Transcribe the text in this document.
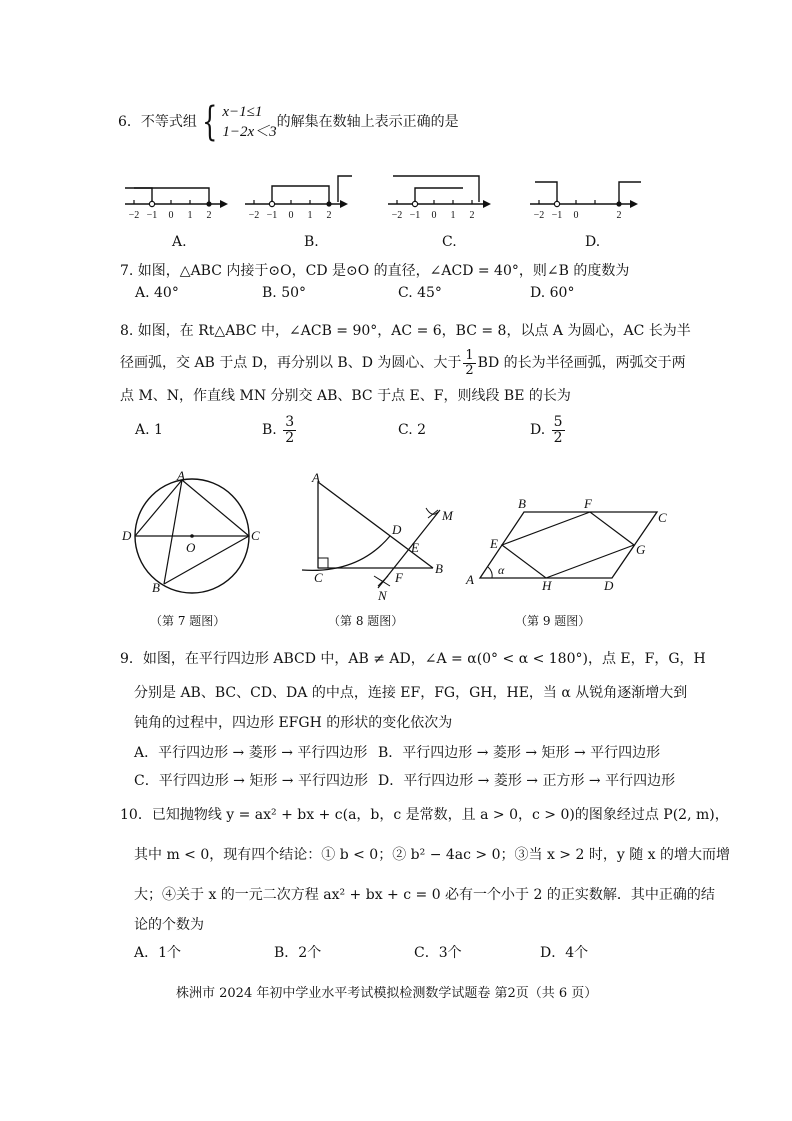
6．不等式组 { x−1≤1
1−2x＜3
的解集在数轴上表示正确的是
−2 −1 0 1 2	−2 −1 0 1 2	−2 −1 0 1 2	−2 −1 0	2
A.	B.	C.	D.
7. 如图，△ABC 内接于⊙O，CD 是⊙O 的直径，∠ACD = 40°，则∠B 的度数为
A. 40°	B. 50°	C. 45°	D. 60°
8. 如图，在 Rt△ABC 中，∠ACB = 90°，AC = 6，BC = 8，以点 A 为圆心，AC 长为半
径画弧，交 AB 于点 D，再分别以 B、D 为圆心、大于 $\frac{1}{2}$ BD 的长为半径画弧，两弧交于两
点 M、N，作直线 MN 分别交 AB、BC 于点 E、F，则线段 BE 的长为
A. 1	B. $\frac{3}{2}$	C. 2	D. $\frac{5}{2}$
A
D	C
B
O
A
C
B
D
E
F
M
N
A
B
C
D
E
F
G
H
α
（第 7 题图）	（第 8 题图）	（第 9 题图）
9．如图，在平行四边形 ABCD 中，AB ≠ AD，∠A = α(0° < α < 180°)，点 E，F，G，H
分别是 AB、BC、CD、DA 的中点，连接 EF，FG，GH，HE，当 α 从锐角逐渐增大到
钝角的过程中，四边形 EFGH 的形状的变化依次为
A．平行四边形 → 菱形 → 平行四边形 B．平行四边形 → 菱形 → 矩形 → 平行四边形
C．平行四边形 → 矩形 → 平行四边形 D．平行四边形 → 菱形 → 正方形 → 平行四边形
10．已知抛物线 y = ax² + bx + c(a，b，c 是常数，且 a > 0，c > 0)的图象经过点 P(2, m)，
其中 m < 0，现有四个结论：① b < 0；② b² − 4ac > 0；③当 x > 2 时，y 随 x 的增大而增
大；④关于 x 的一元二次方程 ax² + bx + c = 0 必有一个小于 2 的正实数解．其中正确的结
论的个数为
A．1个	B．2个	C．3个	D．4个
株洲市 2024 年初中学业水平考试模拟检测数学试题卷 第2页（共 6 页）
